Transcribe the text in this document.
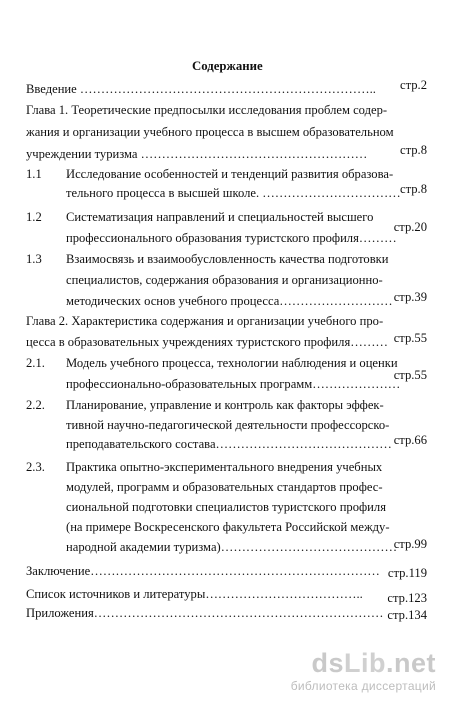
Содержание
Введение …………………………………………………………….. стр.2
Глава 1. Теоретические предпосылки исследования проблем содер-
жания и организации учебного процесса в высшем образовательном
учреждении туризма ………………………………………………	стр.8
1.1 Исследование особенностей и тенденций развития образова-
тельного процесса в высшей школе. …………………………… стр.8
1.2 Систематизация направлений и специальностей высшего
профессионального образования туристского профиля………
стр.20
1.3 Взаимосвязь и взаимообусловленность качества подготовки
специалистов, содержания образования и организационно-
методических основ учебного процесса……………………… стр.39
Глава 2. Характеристика содержания и организации учебного про-
цесса в образовательных учреждениях туристского профиля……… стр.55
2.1. Модель учебного процесса, технологии наблюдения и оценки
профессионально-образовательных программ…………………
стр.55
2.2. Планирование, управление и контроль как факторы эффек-
тивной научно-педагогической деятельности профессорско-
преподавательского состава…………………………………… стр.66
2.3. Практика опытно-экспериментального внедрения учебных
модулей, программ и образовательных стандартов профес-
сиональной подготовки специалистов туристского профиля
(на примере Воскресенского факультета Российской между-
народной академии туризма)……………………………………
стр.99
Заключение…………………………………………………………… стр.119
Список источников и литературы……………………………….. стр.123
Приложения…………………………………………………………… стр.134
dsLib.net
библиотека диссертаций
